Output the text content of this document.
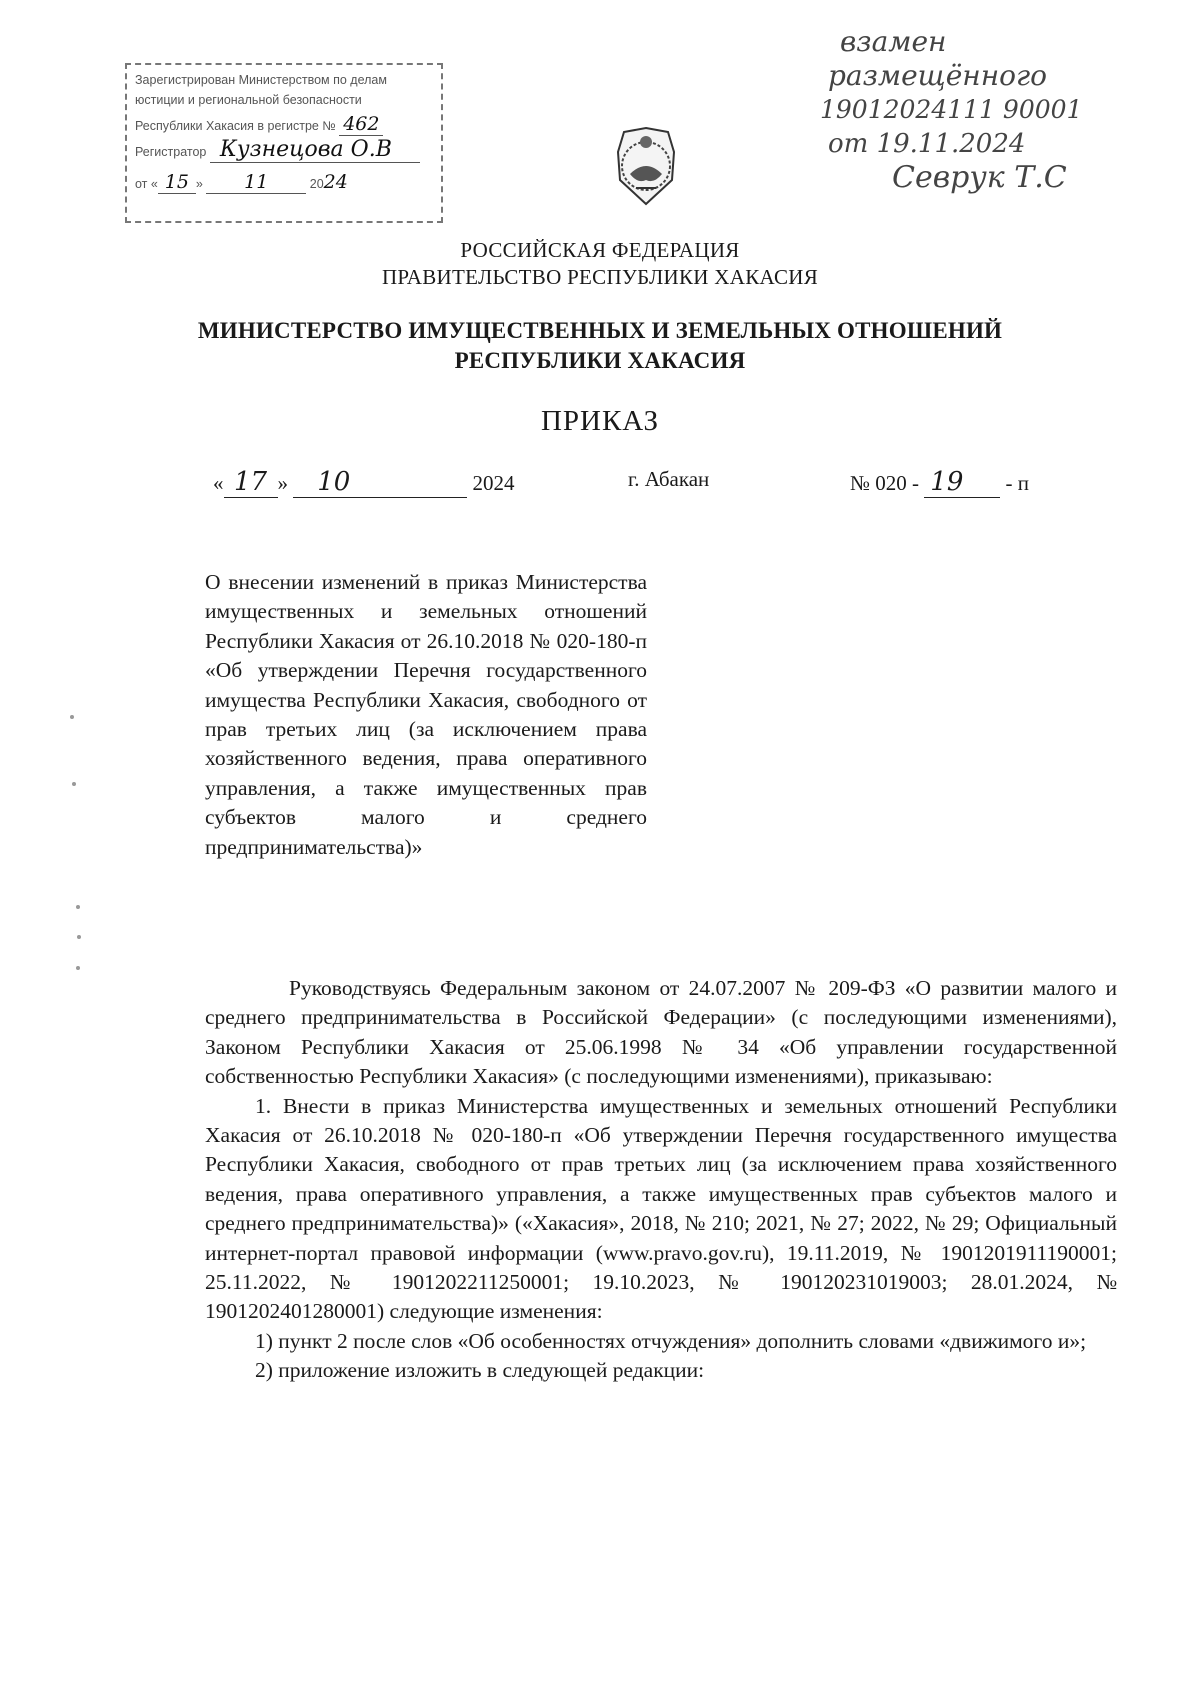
взамен
размещённого
19012024111 90001
от 19.11.2024
Севрук Т.С
Зарегистрирован Министерством по делам
юстиции и региональной безопасности
Республики Хакасия в регистре № 462
Регистратор Кузнецова О.В
от « 15 » 11	2024
РОССИЙСКАЯ ФЕДЕРАЦИЯ
ПРАВИТЕЛЬСТВО РЕСПУБЛИКИ ХАКАСИЯ
МИНИСТЕРСТВО ИМУЩЕСТВЕННЫХ И ЗЕМЕЛЬНЫХ ОТНОШЕНИЙ
РЕСПУБЛИКИ ХАКАСИЯ
ПРИКАЗ
« 17 » 10	2024	г. Абакан	№ 020 - 19 - п
О внесении изменений в приказ Министерства имущественных и земельных отношений Республики Хакасия от 26.10.2018 № 020-180-п «Об утверждении Перечня государственного имущества Республики Хакасия, свободного от прав третьих лиц (за исключением права хозяйственного ведения, права оперативного управления, а также имущественных прав субъектов малого и среднего предпринимательства)»

Руководствуясь Федеральным законом от 24.07.2007 № 209-ФЗ «О развитии малого и среднего предпринимательства в Российской Федерации» (с последующими изменениями), Законом Республики Хакасия от 25.06.1998 № 34 «Об управлении государственной собственностью Республики Хакасия» (с последующими изменениями), приказываю:

1. Внести в приказ Министерства имущественных и земельных отношений Республики Хакасия от 26.10.2018 № 020-180-п «Об утверждении Перечня государственного имущества Республики Хакасия, свободного от прав третьих лиц (за исключением права хозяйственного ведения, права оперативного управления, а также имущественных прав субъектов малого и среднего предпринимательства)» («Хакасия», 2018, № 210; 2021, № 27; 2022, № 29; Официальный интернет-портал правовой информации (www.pravo.gov.ru), 19.11.2019, № 1901201911190001; 25.11.2022, № 1901202211250001; 19.10.2023, № 190120231019003; 28.01.2024, № 1901202401280001) следующие изменения:

1) пункт 2 после слов «Об особенностях отчуждения» дополнить словами «движимого и»;

2) приложение изложить в следующей редакции:
